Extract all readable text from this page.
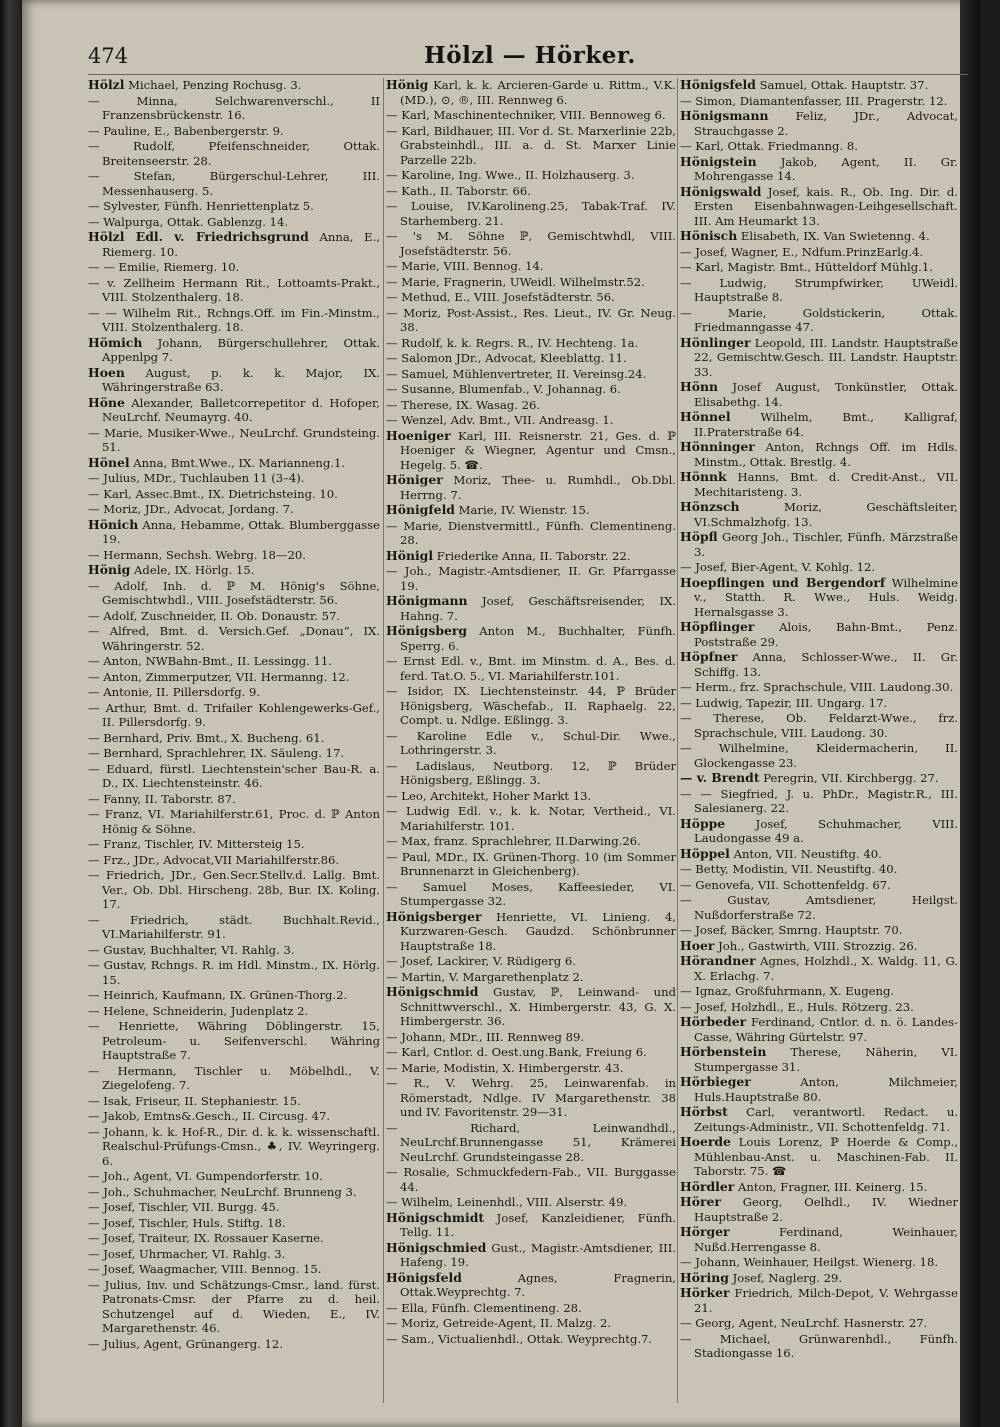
474	Hölzl — Hörker.
Hölzl Michael, Penzing Rochusg. 3.
— Minna, Selchwarenverschl., II Franzensbrückenstr. 16.
— Pauline, E., Babenbergerstr. 9.
— Rudolf, Pfeifenschneider, Ottak. Breitenseerstr. 28.
— Stefan, Bürgerschul-Lehrer, III. Messenhauserg. 5.
— Sylvester, Fünfh. Henriettenplatz 5.
— Walpurga, Ottak. Gablenzg. 14.
Hölzl Edl. v. Friedrichsgrund Anna, E., Riemerg. 10.
— — Emilie, Riemerg. 10.
— v. Zellheim Hermann Rit., Lottoamts-Prakt., VIII. Stolzenthalerg. 18.
— — Wilhelm Rit., Rchngs.Off. im Fin.-Minstm., VIII. Stolzenthalerg. 18.
Hömich Johann, Bürgerschullehrer, Ottak. Appenlpg 7.
Hoen August, p. k. k. Major, IX. Währingerstraße 63.
Höne Alexander, Balletcorrepetitor d. Hofoper, NeuLrchf. Neumayrg. 40.
— Marie, Musiker-Wwe., NeuLrchf. Grundsteing. 51.
Hönel Anna, Bmt.Wwe., IX. Marianneng.1.
— Julius, MDr., Tuchlauben 11 (3–4).
— Karl, Assec.Bmt., IX. Dietrichsteing. 10.
— Moriz, JDr., Advocat, Jordang. 7.
Hönich Anna, Hebamme, Ottak. Blumberggasse 19.
— Hermann, Sechsh. Webrg. 18—20.
Hönig Adele, IX. Hörlg. 15.
— Adolf, Inh. d. ℙ M. Hönig's Söhne, Gemischtwhdl., VIII. Josefstädterstr. 56.
— Adolf, Zuschneider, II. Ob. Donaustr. 57.
— Alfred, Bmt. d. Versich.Gef. „Donau“, IX. Währingerstr. 52.
— Anton, NWBahn-Bmt., II. Lessingg. 11.
— Anton, Zimmerputzer, VII. Hermanng. 12.
— Antonie, II. Pillersdorfg. 9.
— Arthur, Bmt. d. Trifailer Kohlengewerks-Gef., II. Pillersdorfg. 9.
— Bernhard, Priv. Bmt., X. Bucheng. 61.
— Bernhard, Sprachlehrer, IX. Säuleng. 17.
— Eduard, fürstl. Liechtenstein'scher Bau-R. a. D., IX. Liechtensteinstr. 46.
— Fanny, II. Taborstr. 87.
— Franz, VI. Mariahilferstr.61, Proc. d. ℙ Anton Hönig & Söhne.
— Franz, Tischler, IV. Mittersteig 15.
— Frz., JDr., Advocat,VII Mariahilferstr.86.
— Friedrich, JDr., Gen.Secr.Stellv.d. Lallg. Bmt. Ver., Ob. Dbl. Hirscheng. 28b, Bur. IX. Koling. 17.
— Friedrich, städt. Buchhalt.Revid., VI.Mariahilferstr. 91.
— Gustav, Buchhalter, VI. Rahlg. 3.
— Gustav, Rchngs. R. im Hdl. Minstm., IX. Hörlg. 15.
— Heinrich, Kaufmann, IX. Grünen-Thorg.2.
— Helene, Schneiderin, Judenplatz 2.
— Henriette, Währing Döblingerstr. 15, Petroleum- u. Seifenverschl. Währing Hauptstraße 7.
— Hermann, Tischler u. Möbelhdl., V. Ziegelofeng. 7.
— Isak, Friseur, II. Stephaniestr. 15.
— Jakob, Emtns&.Gesch., II. Circusg. 47.
— Johann, k. k. Hof-R., Dir. d. k. k. wissenschaftl. Realschul-Prüfungs-Cmsn., ♣, IV. Weyringerg. 6.
— Joh., Agent, VI. Gumpendorferstr. 10.
— Joh., Schuhmacher, NeuLrchf. Brunneng 3.
— Josef, Tischler, VII. Burgg. 45.
— Josef, Tischler, Huls. Stiftg. 18.
— Josef, Traiteur, IX. Rossauer Kaserne.
— Josef, Uhrmacher, VI. Rahlg. 3.
— Josef, Waagmacher, VIII. Bennog. 15.
— Julius, Inv. und Schätzungs-Cmsr., land. fürst. Patronats-Cmsr. der Pfarre zu d. heil. Schutzengel auf d. Wieden, E., IV. Margarethenstr. 46.
— Julius, Agent, Grünangerg. 12.
Hönig Karl, k. k. Arcieren-Garde u. Rittm., V.K. (MD.), ⊙, ®, III. Rennweg 6.
— Karl, Maschinentechniker, VIII. Bennoweg 6.
— Karl, Bildhauer, III. Vor d. St. Marxerlinie 22b, Grabsteinhdl., III. a. d. St. Marxer Linie Parzelle 22b.
— Karoline, Ing. Wwe., II. Holzhauserg. 3.
— Kath., II. Taborstr. 66.
— Louise, IV.Karolineng.25, Tabak-Traf. IV. Starhemberg. 21.
— 's M. Söhne ℙ, Gemischtwhdl, VIII. Josefstädterstr. 56.
— Marie, VIII. Bennog. 14.
— Marie, Fragnerin, UWeidl. Wilhelmstr.52.
— Methud, E., VIII. Josefstädterstr. 56.
— Moriz, Post-Assist., Res. Lieut., IV. Gr. Neug. 38.
— Rudolf, k. k. Regrs. R., IV. Hechteng. 1a.
— Salomon JDr., Advocat, Kleeblattg. 11.
— Samuel, Mühlenvertreter, II. Vereinsg.24.
— Susanne, Blumenfab., V. Johannag. 6.
— Therese, IX. Wasag. 26.
— Wenzel, Adv. Bmt., VII. Andreasg. 1.
Hoeniger Karl, III. Reisnerstr. 21, Ges. d. ℙ Hoeniger & Wiegner, Agentur und Cmsn., Hegelg. 5. ☎.
Höniger Moriz, Thee- u. Rumhdl., Ob.Dbl. Herrng. 7.
Hönigfeld Marie, IV. Wienstr. 15.
— Marie, Dienstvermittl., Fünfh. Clementineng. 28.
Hönigl Friederike Anna, II. Taborstr. 22.
— Joh., Magistr.-Amtsdiener, II. Gr. Pfarrgasse 19.
Hönigmann Josef, Geschäftsreisender, IX. Hahng. 7.
Hönigsberg Anton M., Buchhalter, Fünfh. Sperrg. 6.
— Ernst Edl. v., Bmt. im Minstm. d. A., Bes. d. ferd. Tat.O. 5., VI. Mariahilferstr.101.
— Isidor, IX. Liechtensteinstr. 44, ℙ Brüder Hönigsberg, Wäschefab., II. Raphaelg. 22, Compt. u. Ndlge. Eßlingg. 3.
— Karoline Edle v., Schul-Dir. Wwe., Lothringerstr. 3.
— Ladislaus, Neutborg. 12, ℙ Brüder Hönigsberg, Eßlingg. 3.
— Leo, Architekt, Hoher Markt 13.
— Ludwig Edl. v., k. k. Notar, Vertheid., VI. Mariahilferstr. 101.
— Max, franz. Sprachlehrer, II.Darwing.26.
— Paul, MDr., IX. Grünen-Thorg. 10 (im Sommer Brunnenarzt in Gleichenberg).
— Samuel Moses, Kaffeesieder, VI. Stumpergasse 32.
Hönigsberger Henriette, VI. Linieng. 4, Kurzwaren-Gesch. Gaudzd. Schönbrunner Hauptstraße 18.
— Josef, Lackirer, V. Rüdigerg 6.
— Martin, V. Margarethenplatz 2.
Hönigschmid Gustav, ℙ, Leinwand- und Schnittwverschl., X. Himbergerstr. 43, G. X. Himbergerstr. 36.
— Johann, MDr., III. Rennweg 89.
— Karl, Cntlor. d. Oest.ung.Bank, Freiung 6.
— Marie, Modistin, X. Himbergerstr. 43.
— R., V. Wehrg. 25, Leinwarenfab. in Römerstadt, Ndlge. IV Margarethenstr. 38 und IV. Favoritenstr. 29—31.
— Richard, Leinwandhdl., NeuLrchf.Brunnengasse 51, Krämerei NeuLrchf. Grundsteingasse 28.
— Rosalie, Schmuckfedern-Fab., VII. Burggasse 44.
— Wilhelm, Leinenhdl., VIII. Alserstr. 49.
Hönigschmidt Josef, Kanzleidiener, Fünfh. Tellg. 11.
Hönigschmied Gust., Magistr.-Amtsdiener, III. Hafeng. 19.
Hönigsfeld Agnes, Fragnerin, Ottak.Weyprechtg. 7.
— Ella, Fünfh. Clementineng. 28.
— Moriz, Getreide-Agent, II. Malzg. 2.
— Sam., Victualienhdl., Ottak. Weyprechtg.7.
Hönigsfeld Samuel, Ottak. Hauptstr. 37.
— Simon, Diamantenfasser, III. Pragerstr. 12.
Hönigsmann Feliz, JDr., Advocat, Strauchgasse 2.
— Karl, Ottak. Friedmanng. 8.
Hönigstein Jakob, Agent, II. Gr. Mohrengasse 14.
Hönigswald Josef, kais. R., Ob. Ing. Dir. d. Ersten Eisenbahnwagen-Leihgesellschaft. III. Am Heumarkt 13.
Hönisch Elisabeth, IX. Van Swietenng. 4.
— Josef, Wagner, E., Ndfum.PrinzEarlg.4.
— Karl, Magistr. Bmt., Hütteldorf Mühlg.1.
— Ludwig, Strumpfwirker, UWeidl. Hauptstraße 8.
— Marie, Goldstickerin, Ottak. Friedmanngasse 47.
Hönlinger Leopold, III. Landstr. Hauptstraße 22, Gemischtw.Gesch. III. Landstr. Hauptstr. 33.
Hönn Josef August, Tonkünstler, Ottak. Elisabethg. 14.
Hönnel Wilhelm, Bmt., Kalligraf, II.Praterstraße 64.
Hönninger Anton, Rchngs Off. im Hdls. Minstm., Ottak. Brestlg. 4.
Hönnk Hanns, Bmt. d. Credit-Anst., VII. Mechitaristeng. 3.
Hönzsch Moriz, Geschäftsleiter, VI.Schmalzhofg. 13.
Höpfl Georg Joh., Tischler, Fünfh. Märzstraße 3.
— Josef, Bier-Agent, V. Kohlg. 12.
Hoepflingen und Bergendorf Wilhelmine v., Statth. R. Wwe., Huls. Weidg. Hernalsgasse 3.
Höpflinger Alois, Bahn-Bmt., Penz. Poststraße 29.
Höpfner Anna, Schlosser-Wwe., II. Gr. Schiffg. 13.
— Herm., frz. Sprachschule, VIII. Laudong.30.
— Ludwig, Tapezir, III. Ungarg. 17.
— Therese, Ob. Feldarzt-Wwe., frz. Sprachschule, VIII. Laudong. 30.
— Wilhelmine, Kleidermacherin, II. Glockengasse 23.
— v. Brendt Peregrin, VII. Kirchbergg. 27.
— — Siegfried, J. u. PhDr., Magistr.R., III. Salesianerg. 22.
Höppe Josef, Schuhmacher, VIII. Laudongasse 49 a.
Höppel Anton, VII. Neustiftg. 40.
— Betty, Modistin, VII. Neustiftg. 40.
— Genovefa, VII. Schottenfeldg. 67.
— Gustav, Amtsdiener, Heilgst. Nußdorferstraße 72.
— Josef, Bäcker, Smrng. Hauptstr. 70.
Hoer Joh., Gastwirth, VIII. Strozzig. 26.
Hörandner Agnes, Holzhdl., X. Waldg. 11, G. X. Erlachg. 7.
— Ignaz, Großfuhrmann, X. Eugeng.
— Josef, Holzhdl., E., Huls. Rötzerg. 23.
Hörbeder Ferdinand, Cntlor. d. n. ö. Landes-Casse, Währing Gürtelstr. 97.
Hörbenstein Therese, Näherin, VI. Stumpergasse 31.
Hörbieger Anton, Milchmeier, Huls.Hauptstraße 80.
Hörbst Carl, verantwortl. Redact. u. Zeitungs-Administr., VII. Schottenfeldg. 71.
Hoerde Louis Lorenz, ℙ Hoerde & Comp., Mühlenbau-Anst. u. Maschinen-Fab. II. Taborstr. 75. ☎
Hördler Anton, Fragner, III. Keinerg. 15.
Hörer Georg, Oelhdl., IV. Wiedner Hauptstraße 2.
Hörger Ferdinand, Weinhauer, Nußd.Herrengasse 8.
— Johann, Weinhauer, Heilgst. Wienerg. 18.
Höring Josef, Naglerg. 29.
Hörker Friedrich, Milch-Depot, V. Wehrgasse 21.
— Georg, Agent, NeuLrchf. Hasnerstr. 27.
— Michael, Grünwarenhdl., Fünfh. Stadiongasse 16.
